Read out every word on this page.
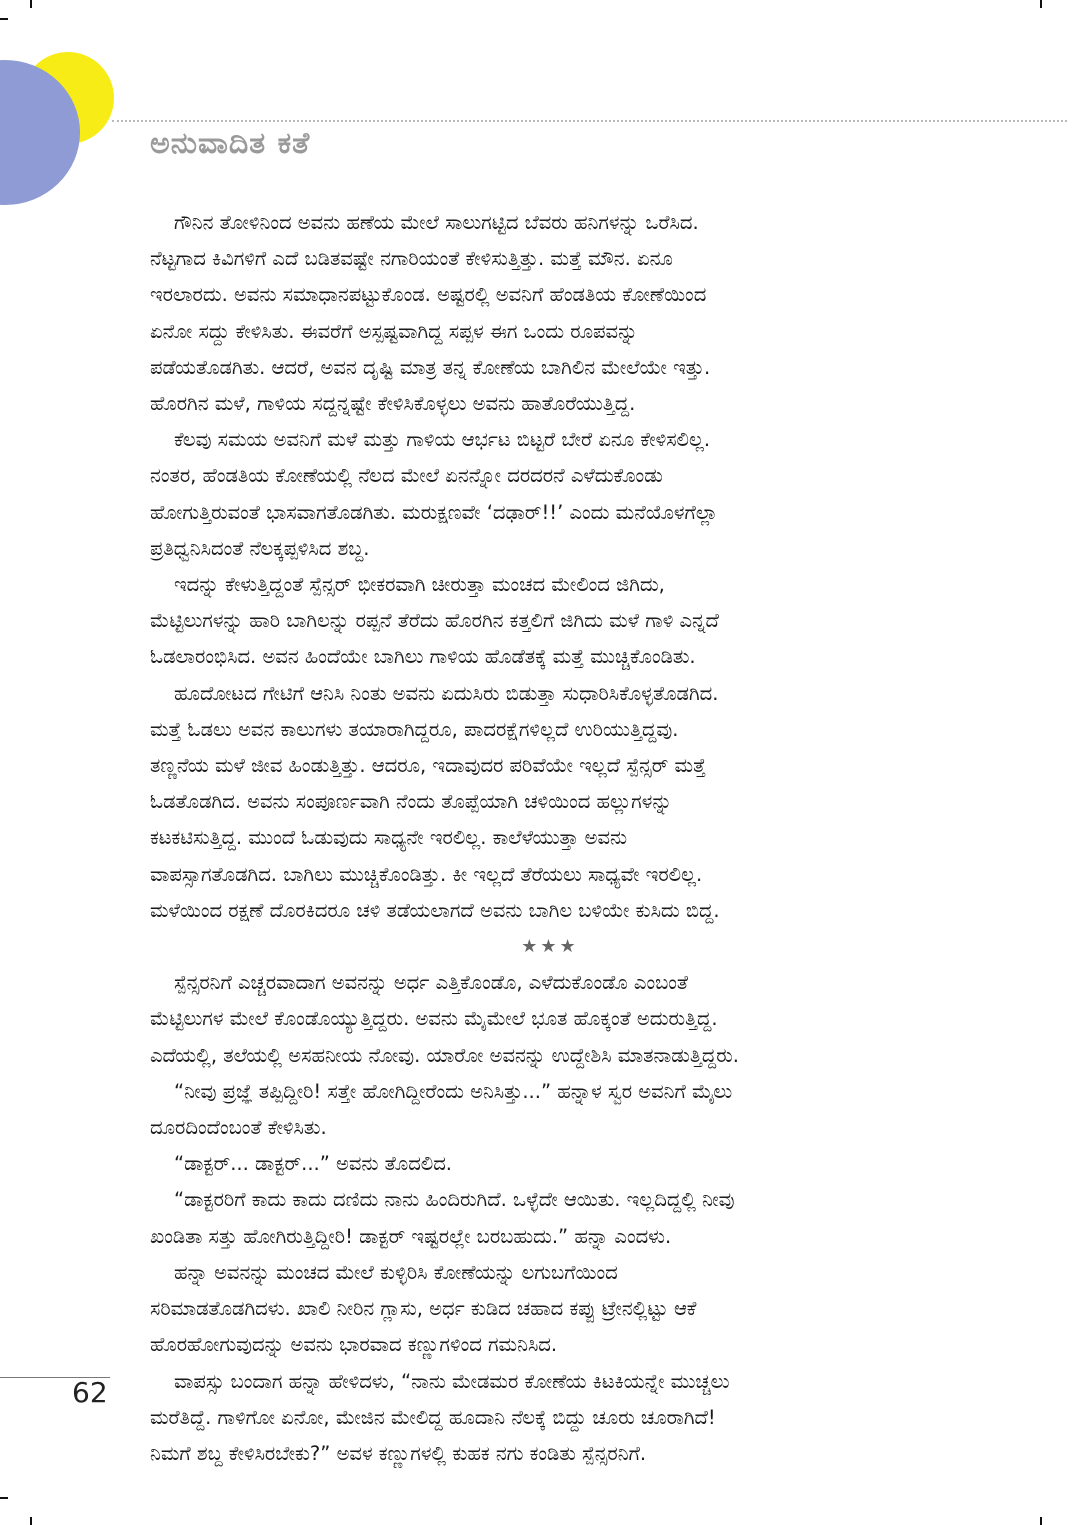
ಅನುವಾದಿತ ಕತೆ

ಗೌನಿನ ತೋಳಿನಿಂದ ಅವನು ಹಣೆಯ ಮೇಲೆ ಸಾಲುಗಟ್ಟಿದ ಬೆವರು ಹನಿಗಳನ್ನು ಒರೆಸಿದ.

ನೆಟ್ಟಗಾದ ಕಿವಿಗಳಿಗೆ ಎದೆ ಬಡಿತವಷ್ಟೇ ನಗಾರಿಯಂತೆ ಕೇಳಿಸುತ್ತಿತ್ತು. ಮತ್ತೆ ಮೌನ. ಏನೂ

ಇರಲಾರದು. ಅವನು ಸಮಾಧಾನಪಟ್ಟುಕೊಂಡ. ಅಷ್ಟರಲ್ಲಿ ಅವನಿಗೆ ಹೆಂಡತಿಯ ಕೋಣೆಯಿಂದ

ಏನೋ ಸದ್ದು ಕೇಳಿಸಿತು. ಈವರೆಗೆ ಅಸ್ಪಷ್ಟವಾಗಿದ್ದ ಸಪ್ಪಳ ಈಗ ಒಂದು ರೂಪವನ್ನು

ಪಡೆಯತೊಡಗಿತು. ಆದರೆ, ಅವನ ದೃಷ್ಟಿ ಮಾತ್ರ ತನ್ನ ಕೋಣೆಯ ಬಾಗಿಲಿನ ಮೇಲೆಯೇ ಇತ್ತು.

ಹೊರಗಿನ ಮಳೆ, ಗಾಳಿಯ ಸದ್ದನ್ನಷ್ಟೇ ಕೇಳಿಸಿಕೊಳ್ಳಲು ಅವನು ಹಾತೊರೆಯುತ್ತಿದ್ದ.

ಕೆಲವು ಸಮಯ ಅವನಿಗೆ ಮಳೆ ಮತ್ತು ಗಾಳಿಯ ಆರ್ಭಟ ಬಿಟ್ಟರೆ ಬೇರೆ ಏನೂ ಕೇಳಿಸಲಿಲ್ಲ.

ನಂತರ, ಹೆಂಡತಿಯ ಕೋಣೆಯಲ್ಲಿ ನೆಲದ ಮೇಲೆ ಏನನ್ನೋ ದರದರನೆ ಎಳೆದುಕೊಂಡು

ಹೋಗುತ್ತಿರುವಂತೆ ಭಾಸವಾಗತೊಡಗಿತು. ಮರುಕ್ಷಣವೇ ‘ದಢಾರ್!!’ ಎಂದು ಮನೆಯೊಳಗೆಲ್ಲಾ

ಪ್ರತಿಧ್ವನಿಸಿದಂತೆ ನೆಲಕ್ಕಪ್ಪಳಿಸಿದ ಶಬ್ದ.

ಇದನ್ನು ಕೇಳುತ್ತಿದ್ದಂತೆ ಸ್ಪೆನ್ಸರ್ ಭೀಕರವಾಗಿ ಚೀರುತ್ತಾ ಮಂಚದ ಮೇಲಿಂದ ಜಿಗಿದು,

ಮೆಟ್ಟಿಲುಗಳನ್ನು ಹಾರಿ ಬಾಗಿಲನ್ನು ರಪ್ಪನೆ ತೆರೆದು ಹೊರಗಿನ ಕತ್ತಲಿಗೆ ಜಿಗಿದು ಮಳೆ ಗಾಳಿ ಎನ್ನದೆ

ಓಡಲಾರಂಭಿಸಿದ. ಅವನ ಹಿಂದೆಯೇ ಬಾಗಿಲು ಗಾಳಿಯ ಹೊಡೆತಕ್ಕೆ ಮತ್ತೆ ಮುಚ್ಚಿಕೊಂಡಿತು.

ಹೂದೋಟದ ಗೇಟಿಗೆ ಆನಿಸಿ ನಿಂತು ಅವನು ಏದುಸಿರು ಬಿಡುತ್ತಾ ಸುಧಾರಿಸಿಕೊಳ್ಳತೊಡಗಿದ.

ಮತ್ತೆ ಓಡಲು ಅವನ ಕಾಲುಗಳು ತಯಾರಾಗಿದ್ದರೂ, ಪಾದರಕ್ಷೆಗಳಿಲ್ಲದೆ ಉರಿಯುತ್ತಿದ್ದವು.

ತಣ್ಣನೆಯ ಮಳೆ ಜೀವ ಹಿಂಡುತ್ತಿತ್ತು. ಆದರೂ, ಇದಾವುದರ ಪರಿವೆಯೇ ಇಲ್ಲದೆ ಸ್ಪೆನ್ಸರ್ ಮತ್ತೆ

ಓಡತೊಡಗಿದ. ಅವನು ಸಂಪೂರ್ಣವಾಗಿ ನೆಂದು ತೊಪ್ಪೆಯಾಗಿ ಚಳಿಯಿಂದ ಹಲ್ಲುಗಳನ್ನು

ಕಟಕಟಿಸುತ್ತಿದ್ದ. ಮುಂದೆ ಓಡುವುದು ಸಾಧ್ಯನೇ ಇರಲಿಲ್ಲ. ಕಾಲೆಳೆಯುತ್ತಾ ಅವನು

ವಾಪಸ್ಸಾಗತೊಡಗಿದ. ಬಾಗಿಲು ಮುಚ್ಚಿಕೊಂಡಿತ್ತು. ಕೀ ಇಲ್ಲದೆ ತೆರೆಯಲು ಸಾಧ್ಯವೇ ಇರಲಿಲ್ಲ.

ಮಳೆಯಿಂದ ರಕ್ಷಣೆ ದೊರಕಿದರೂ ಚಳಿ ತಡೆಯಲಾಗದೆ ಅವನು ಬಾಗಿಲ ಬಳಿಯೇ ಕುಸಿದು ಬಿದ್ದ.

★★★

ಸ್ಪೆನ್ಸರನಿಗೆ ಎಚ್ಚರವಾದಾಗ ಅವನನ್ನು ಅರ್ಧ ಎತ್ತಿಕೊಂಡೊ, ಎಳೆದುಕೊಂಡೊ ಎಂಬಂತೆ

ಮೆಟ್ಟಿಲುಗಳ ಮೇಲೆ ಕೊಂಡೊಯ್ಯುತ್ತಿದ್ದರು. ಅವನು ಮೈಮೇಲೆ ಭೂತ ಹೊಕ್ಕಂತೆ ಅದುರುತ್ತಿದ್ದ.

ಎದೆಯಲ್ಲಿ, ತಲೆಯಲ್ಲಿ ಅಸಹನೀಯ ನೋವು. ಯಾರೋ ಅವನನ್ನು ಉದ್ದೇಶಿಸಿ ಮಾತನಾಡುತ್ತಿದ್ದರು.

“ನೀವು ಪ್ರಜ್ಞೆ ತಪ್ಪಿದ್ದೀರಿ! ಸತ್ತೇ ಹೋಗಿದ್ದೀರೆಂದು ಅನಿಸಿತ್ತು...” ಹನ್ನಾಳ ಸ್ವರ ಅವನಿಗೆ ಮೈಲು

ದೂರದಿಂದೆಂಬಂತೆ ಕೇಳಿಸಿತು.

“ಡಾಕ್ಟರ್... ಡಾಕ್ಟರ್...” ಅವನು ತೊದಲಿದ.

“ಡಾಕ್ಟರರಿಗೆ ಕಾದು ಕಾದು ದಣಿದು ನಾನು ಹಿಂದಿರುಗಿದೆ. ಒಳ್ಳೆದೇ ಆಯಿತು. ಇಲ್ಲದಿದ್ದಲ್ಲಿ ನೀವು

ಖಂಡಿತಾ ಸತ್ತು ಹೋಗಿರುತ್ತಿದ್ದೀರಿ! ಡಾಕ್ಟರ್ ಇಷ್ಟರಲ್ಲೇ ಬರಬಹುದು.” ಹನ್ನಾ ಎಂದಳು.

ಹನ್ನಾ ಅವನನ್ನು ಮಂಚದ ಮೇಲೆ ಕುಳ್ಳಿರಿಸಿ ಕೋಣೆಯನ್ನು ಲಗುಬಗೆಯಿಂದ

ಸರಿಮಾಡತೊಡಗಿದಳು. ಖಾಲಿ ನೀರಿನ ಗ್ಲಾಸು, ಅರ್ಧ ಕುಡಿದ ಚಹಾದ ಕಪ್ಪು ಟ್ರೇನಲ್ಲಿಟ್ಟು ಆಕೆ

ಹೊರಹೋಗುವುದನ್ನು ಅವನು ಭಾರವಾದ ಕಣ್ಣುಗಳಿಂದ ಗಮನಿಸಿದ.

ವಾಪಸ್ಸು ಬಂದಾಗ ಹನ್ನಾ ಹೇಳಿದಳು, “ನಾನು ಮೇಡಮರ ಕೋಣೆಯ ಕಿಟಕಿಯನ್ನೇ ಮುಚ್ಚಲು

ಮರೆತಿದ್ದೆ. ಗಾಳಿಗೋ ಏನೋ, ಮೇಜಿನ ಮೇಲಿದ್ದ ಹೂದಾನಿ ನೆಲಕ್ಕೆ ಬಿದ್ದು ಚೂರು ಚೂರಾಗಿದೆ!

ನಿಮಗೆ ಶಬ್ದ ಕೇಳಿಸಿರಬೇಕು?” ಅವಳ ಕಣ್ಣುಗಳಲ್ಲಿ ಕುಹಕ ನಗು ಕಂಡಿತು ಸ್ಪೆನ್ಸರನಿಗೆ.

62
